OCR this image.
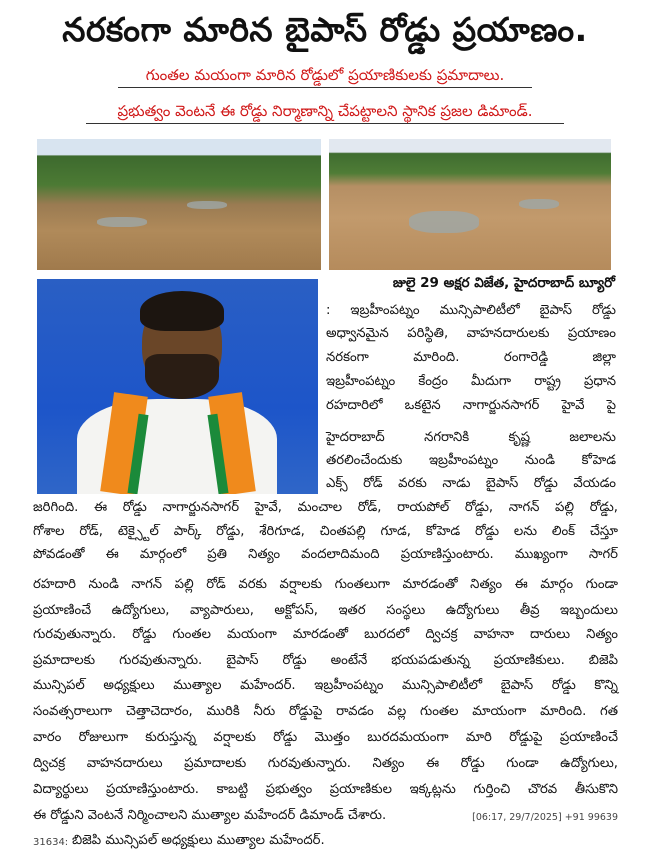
నరకంగా మారిన బైపాస్ రోడ్డు ప్రయాణం.
గుంతల మయంగా మారిన రోడ్డులో ప్రయాణికులకు ప్రమాదాలు.
ప్రభుత్వం వెంటనే ఈ రోడ్డు నిర్మాణాన్ని చేపట్టాలని స్థానిక ప్రజల డిమాండ్.
జులై 29 అక్షర విజేత, హైదరాబాద్ బ్యూరో
: ఇబ్రహీంపట్నం మున్సిపాలిటీలో బైపాస్ రోడ్డు
అధ్వానమైన పరిస్థితి, వాహనదారులకు ప్రయాణం
నరకంగా మారింది. రంగారెడ్డి జిల్లా
ఇబ్రహీంపట్నం కేంద్రం మీదుగా రాష్ట్ర ప్రధాన
రహదారిలో ఒకటైన నాగార్జునసాగర్ హైవే పై
హైదరాబాద్ నగరానికి కృష్ణ జలాలను
తరలించేందుకు ఇబ్రహీంపట్నం నుండి కోహెడ
ఎక్స్ రోడ్ వరకు నాడు బైపాస్ రోడ్డు వేయడం
జరిగింది. ఈ రోడ్డు నాగార్జునసాగర్ హైవే, మంచాల రోడ్, రాయపోల్ రోడ్డు, నాగన్ పల్లి రోడ్డు,
గోశాల రోడ్, టెక్స్టైల్ పార్క్ రోడ్డు, శేరిగూడ, చింతపల్లి గూడ, కోహెడ రోడ్డు లను లింక్ చేస్తూ
పోవడంతో ఈ మార్గంలో ప్రతి నిత్యం వందలాదిమంది ప్రయాణిస్తుంటారు. ముఖ్యంగా సాగర్
రహదారి నుండి నాగన్ పల్లి రోడ్ వరకు వర్షాలకు గుంతలుగా మారడంతో నిత్యం ఈ మార్గం గుండా
ప్రయాణించే ఉద్యోగులు, వ్యాపారులు, అక్టోపస్, ఇతర సంస్థలు ఉద్యోగులు తీవ్ర ఇబ్బందులు
గురవుతున్నారు. రోడ్డు గుంతల మయంగా మారడంతో బురదలో ద్విచక్ర వాహనా దారులు నిత్యం
ప్రమాదాలకు గురవుతున్నారు. బైపాస్ రోడ్డు అంటేనే భయపడుతున్న ప్రయాణికులు. బిజెపి
మున్సిపల్ అధ్యక్షులు ముత్యాల మహేందర్. ఇబ్రహీంపట్నం మున్సిపాలిటీలో బైపాస్ రోడ్డు కొన్ని
సంవత్సరాలుగా చెత్తాచెదారం, మురికి నీరు రోడ్డుపై రావడం వల్ల గుంతల మాయంగా మారింది. గత
వారం రోజులుగా కురుస్తున్న వర్షాలకు రోడ్డు మొత్తం బురదమయంగా మారి రోడ్డుపై ప్రయాణించే
ద్విచక్ర వాహనదారులు ప్రమాదాలకు గురవుతున్నారు. నిత్యం ఈ రోడ్డు గుండా ఉద్యోగులు,
విద్యార్థులు ప్రయాణిస్తుంటారు. కాబట్టి ప్రభుత్వం ప్రయాణికుల ఇక్కట్లను గుర్తించి చొరవ తీసుకొని
ఈ రోడ్డుని వెంటనే నిర్మించాలని ముత్యాల మహేందర్ డిమాండ్ చేశారు.	[06:17, 29/7/2025] +91 99639
31634: బిజెపి మున్సిపల్ అధ్యక్షులు ముత్యాల మహేందర్.
